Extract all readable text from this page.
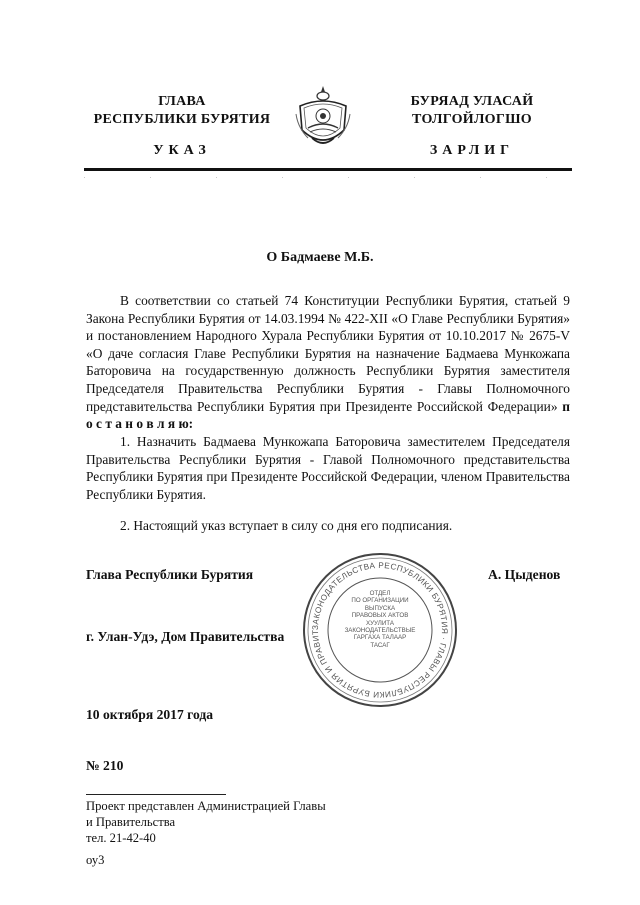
ГЛАВА
РЕСПУБЛИКИ БУРЯТИЯ
БУРЯАД УЛАСАЙ
ТОЛГОЙЛОГШО
УКАЗ	ЗАРЛИГ
О Бадмаеве М.Б.
В соответствии со статьей 74 Конституции Республики Бурятия, статьей 9 Закона Республики Бурятия от 14.03.1994 № 422-XII «О Главе Республики Бурятия» и постановлением Народного Хурала Республики Бурятия от 10.10.2017 № 2675-V «О даче согласия Главе Республики Бурятия на назначение Бадмаева Мункожапа Баторовича на государственную должность Республики Бурятия заместителя Председателя Правительства Республики Бурятия - Главы Полномочного представительства Республики Бурятия при Президенте Российской Федерации» п о с т а н о в л я ю:
1. Назначить Бадмаева Мункожапа Баторовича заместителем Председателя Правительства Республики Бурятия - Главой Полномочного представительства Республики Бурятия при Президенте Российской Федерации, членом Правительства Республики Бурятия.
2. Настоящий указ вступает в силу со дня его подписания.
Глава Республики Бурятия	А. Цыденов
ЗАКОНОДАТЕЛЬСТВА РЕСПУБЛИКИ БУРЯТИЯ · ГЛАВЫ РЕСПУБЛИКИ БУРЯТИЯ И ПРАВИТ
ОТДЕЛ
ПО ОРГАНИЗАЦИИ
ВЫПУСКА
ПРАВОВЫХ АКТОВ
ХУУЛИТА
ЗАКОНОДАТЕЛЬСТВЫЕ
ГАРГАХА ТАЛААР
ТАСАГ
г. Улан-Удэ, Дом Правительства
10 октября 2017 года
№ 210
Проект представлен Администрацией Главы
и Правительства
тел. 21-42-40
оу3
